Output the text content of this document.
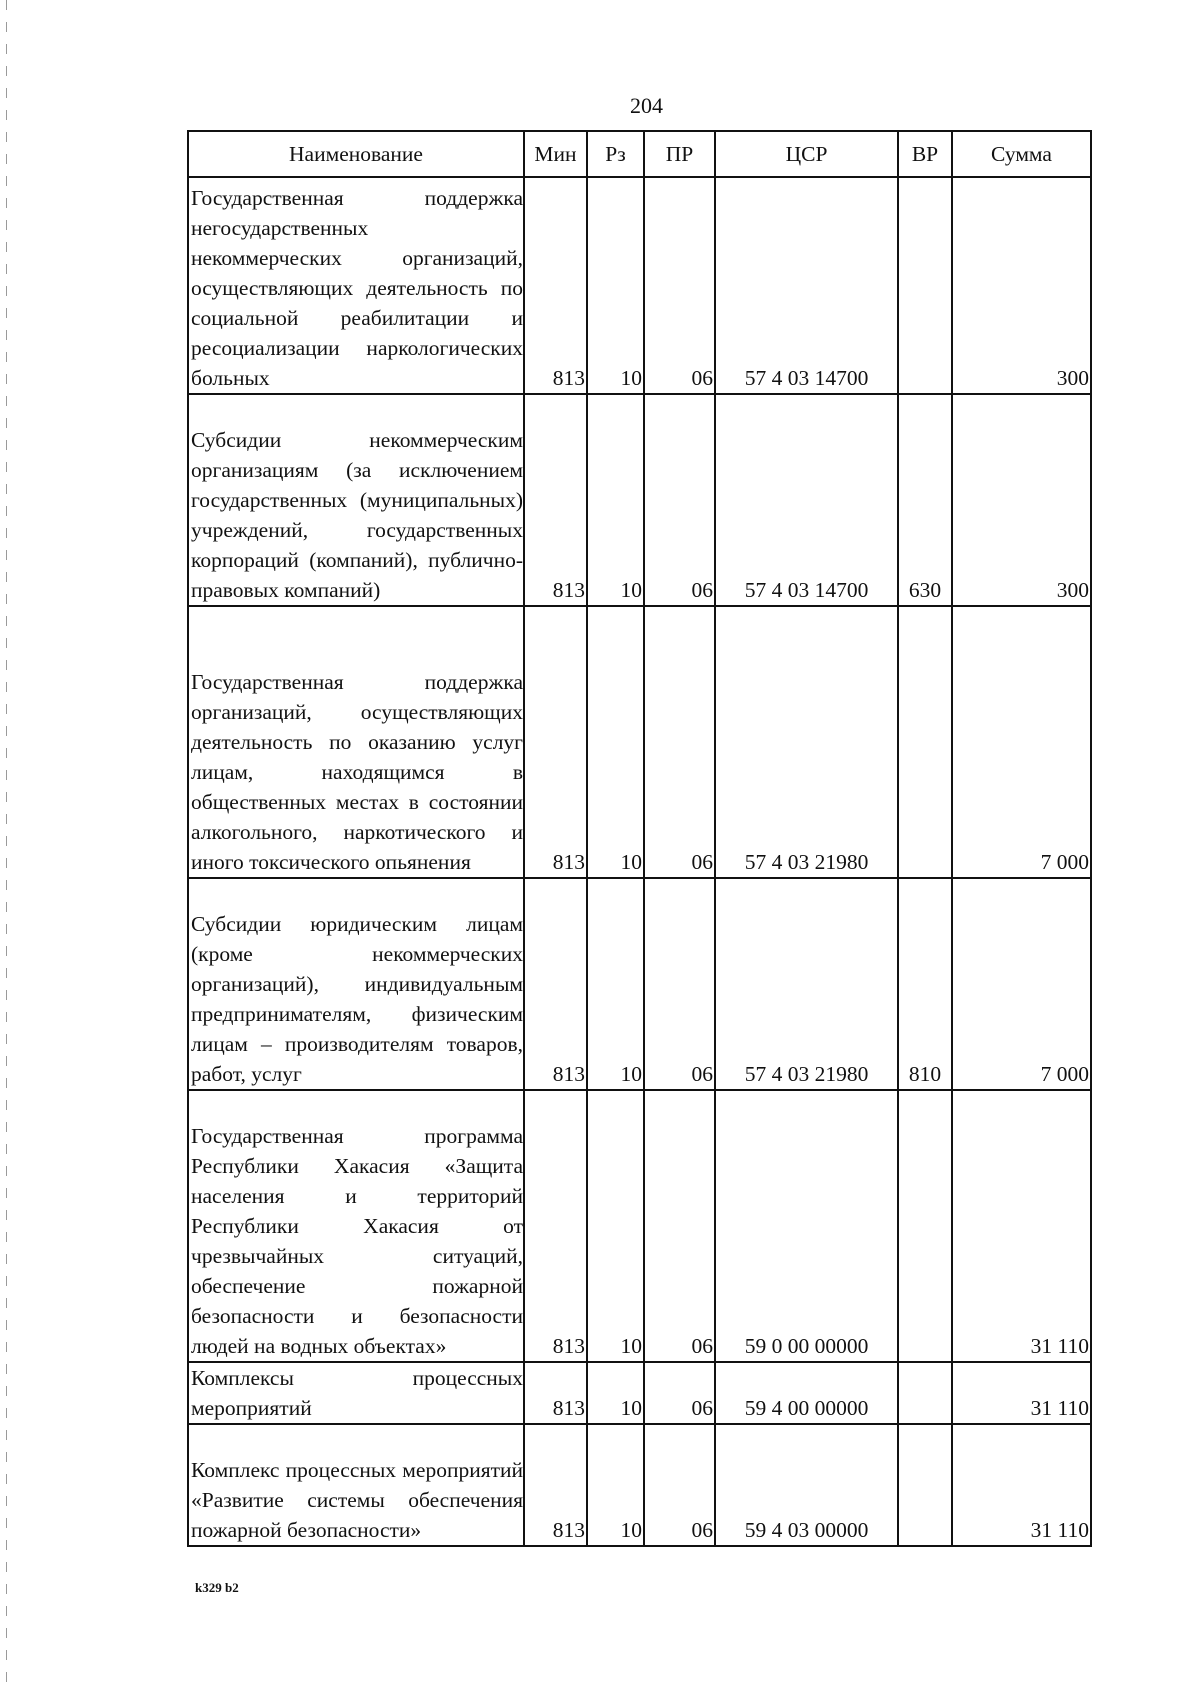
204
Наименование	Мин	Рз	ПР	ЦСР	ВР	Сумма
Государственная поддержка негосударственных некоммерческих организаций, осуществляющих деятельность по социальной реабилитации и ресоциализации наркологических больных	813	10	06	57 4 03 14700		300
Субсидии некоммерческим организациям (за исключением государственных (муниципальных) учреждений, государственных корпораций (компаний), публично-правовых компаний)	813	10	06	57 4 03 14700	630	300
Государственная поддержка организаций, осуществляющих деятельность по оказанию услуг лицам, находящимся в общественных местах в состоянии алкогольного, наркотического и иного токсического опьянения	813	10	06	57 4 03 21980		7 000
Субсидии юридическим лицам (кроме некоммерческих организаций), индивидуальным предпринимателям, физическим лицам – производителям товаров, работ, услуг	813	10	06	57 4 03 21980	810	7 000
Государственная программа Республики Хакасия «Защита населения и территорий Республики Хакасия от чрезвычайных ситуаций, обеспечение пожарной безопасности и безопасности людей на водных объектах»	813	10	06	59 0 00 00000		31 110
Комплексы процессных мероприятий	813	10	06	59 4 00 00000		31 110
Комплекс процессных мероприятий «Развитие системы обеспечения пожарной безопасности»	813	10	06	59 4 03 00000		31 110
k329 b2
